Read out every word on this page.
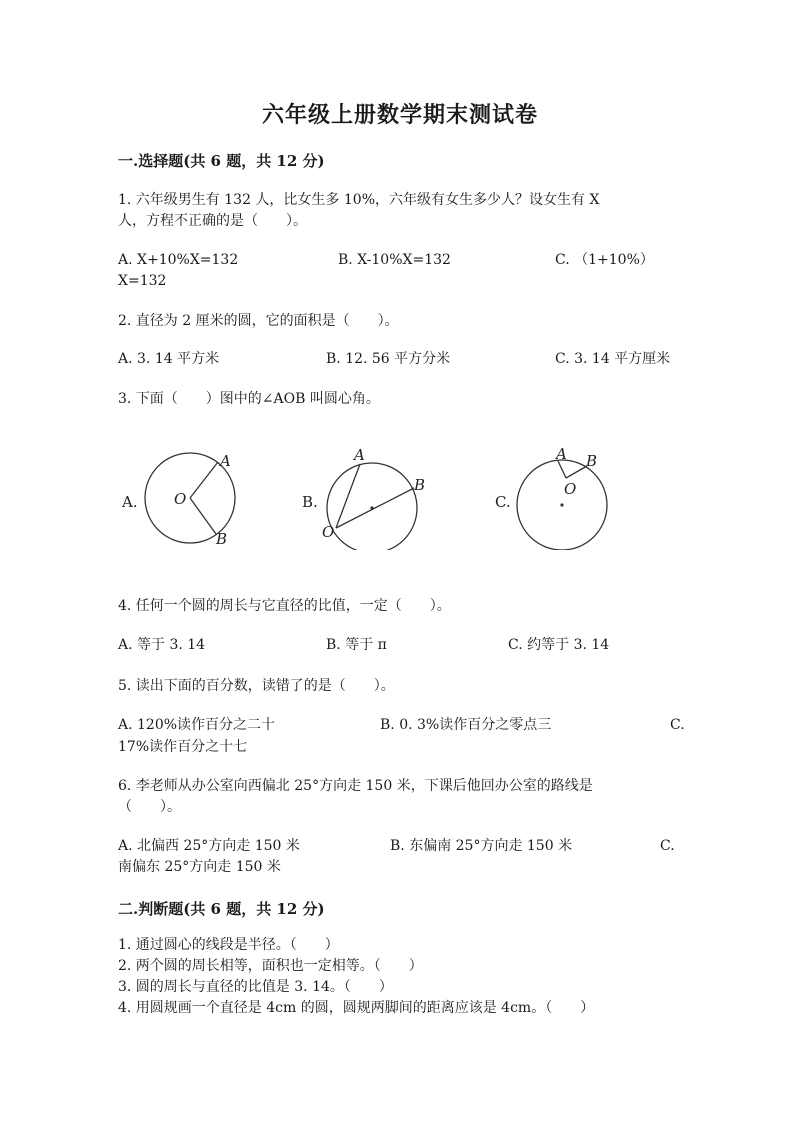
六年级上册数学期末测试卷
一.选择题(共 6 题，共 12 分)
1. 六年级男生有 132 人，比女生多 10%，六年级有女生多少人？设女生有 X
人，方程不正确的是（　　）。
A. X+10%X=132	B. X-10%X=132	C. （1+10%）
X=132
2. 直径为 2 厘米的圆，它的面积是（　　）。
A. 3. 14 平方米	B. 12. 56 平方分米	C. 3. 14 平方厘米
3. 下面（　　）图中的∠AOB 叫圆心角。
A. O
A
B
B.
O
A
B
C.
A B
O
4. 任何一个圆的周长与它直径的比值，一定（　　）。
A. 等于 3. 14	B. 等于 π	C. 约等于 3. 14
5. 读出下面的百分数，读错了的是（　　）。
A. 120%读作百分之二十	B. 0. 3%读作百分之零点三	C.
17%读作百分之十七
6. 李老师从办公室向西偏北 25°方向走 150 米，下课后他回办公室的路线是
（　　）。
A. 北偏西 25°方向走 150 米	B. 东偏南 25°方向走 150 米	C.
南偏东 25°方向走 150 米
二.判断题(共 6 题，共 12 分)
1. 通过圆心的线段是半径。（　　）
2. 两个圆的周长相等，面积也一定相等。（　　）
3. 圆的周长与直径的比值是 3. 14。（　　）
4. 用圆规画一个直径是 4cm 的圆，圆规两脚间的距离应该是 4cm。（　　）
